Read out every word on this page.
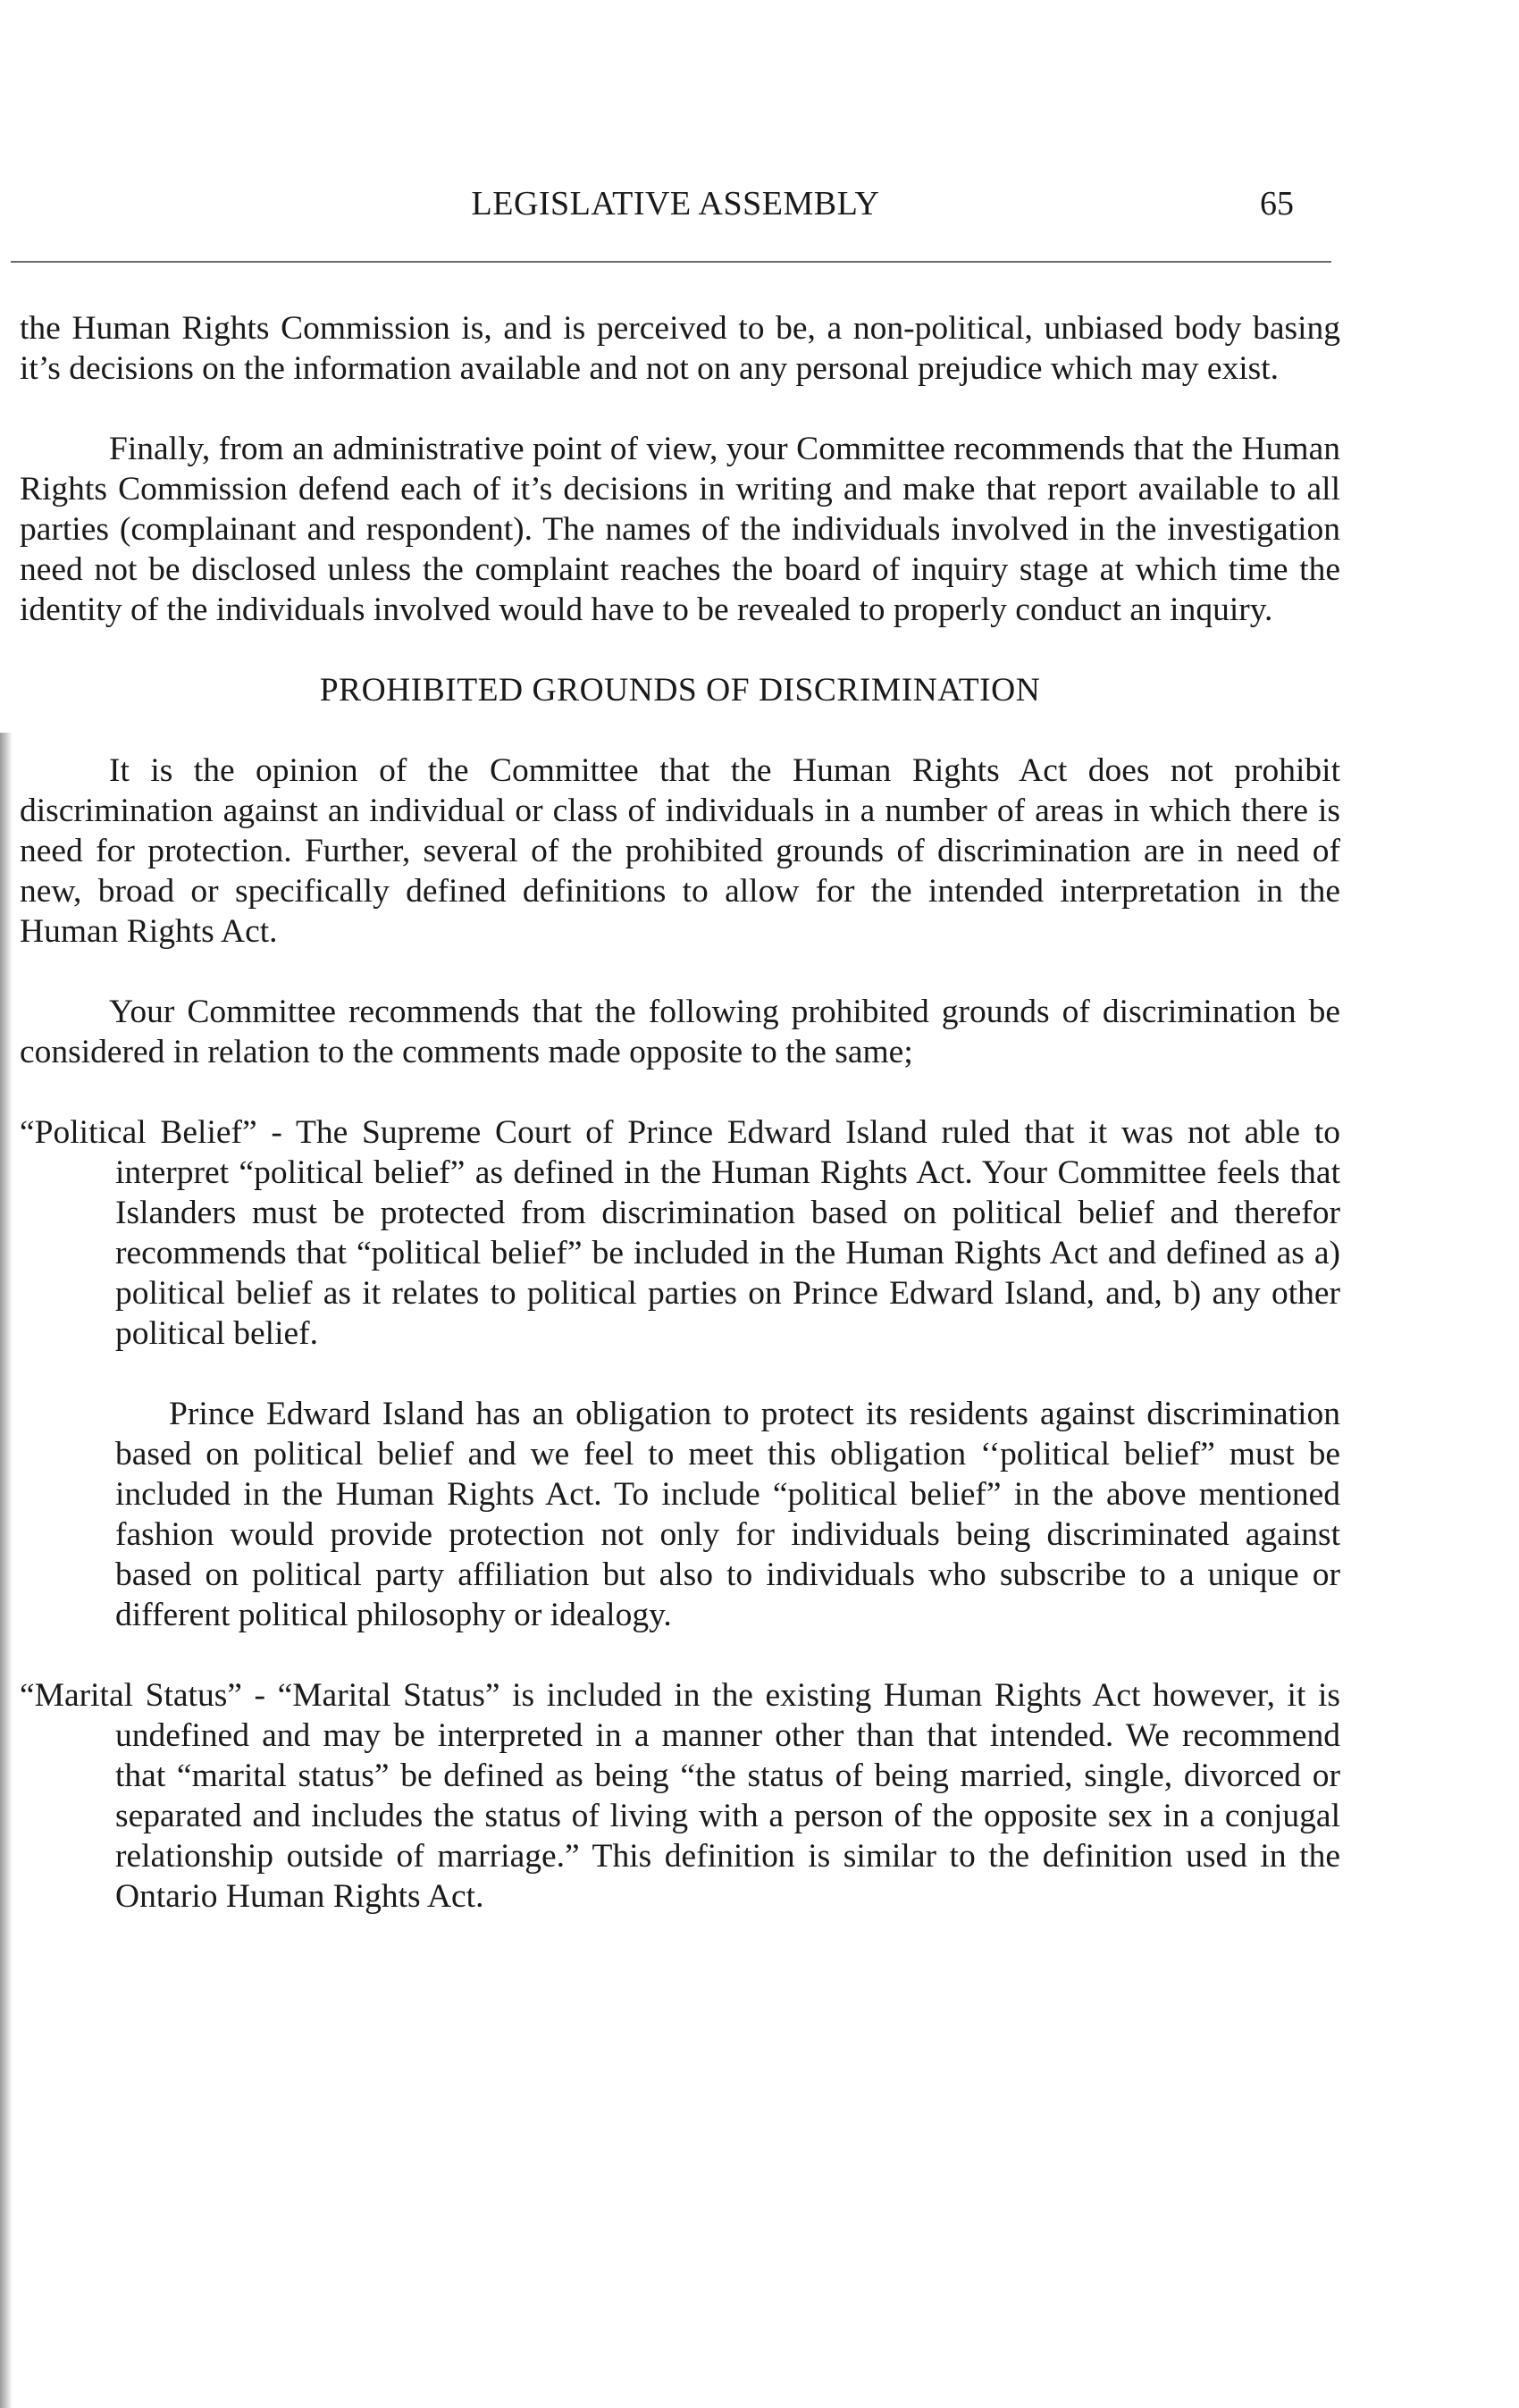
LEGISLATIVE ASSEMBLY	65

the Human Rights Commission is, and is perceived to be, a non-political, unbiased body basing it’s decisions on the information available and not on any personal prejudice which may exist.

Finally, from an administrative point of view, your Committee recommends that the Human Rights Commission defend each of it’s decisions in writing and make that report available to all parties (complainant and respondent). The names of the individuals involved in the investigation need not be disclosed unless the complaint reaches the board of inquiry stage at which time the identity of the individuals involved would have to be revealed to properly conduct an inquiry.

PROHIBITED GROUNDS OF DISCRIMINATION

It is the opinion of the Committee that the Human Rights Act does not prohibit discrimination against an individual or class of individuals in a number of areas in which there is need for protection. Further, several of the prohibited grounds of discrimination are in need of new, broad or specifically defined definitions to allow for the intended interpretation in the Human Rights Act.

Your Committee recommends that the following prohibited grounds of discrimination be considered in relation to the comments made opposite to the same;

“Political Belief” - The Supreme Court of Prince Edward Island ruled that it was not able to interpret “political belief” as defined in the Human Rights Act. Your Committee feels that Islanders must be protected from discrimination based on political belief and therefor recommends that “political belief” be included in the Human Rights Act and defined as a) political belief as it relates to political parties on Prince Edward Island, and, b) any other political belief.

Prince Edward Island has an obligation to protect its residents against discrimination based on political belief and we feel to meet this obligation ‘‘political belief” must be included in the Human Rights Act. To include “political belief” in the above mentioned fashion would provide protection not only for individuals being discriminated against based on political party affiliation but also to individuals who subscribe to a unique or different political philosophy or idealogy.

“Marital Status” - “Marital Status” is included in the existing Human Rights Act however, it is undefined and may be interpreted in a manner other than that intended. We recommend that “marital status” be defined as being “the status of being married, single, divorced or separated and includes the status of living with a person of the opposite sex in a conjugal relationship outside of marriage.” This definition is similar to the definition used in the Ontario Human Rights Act.
